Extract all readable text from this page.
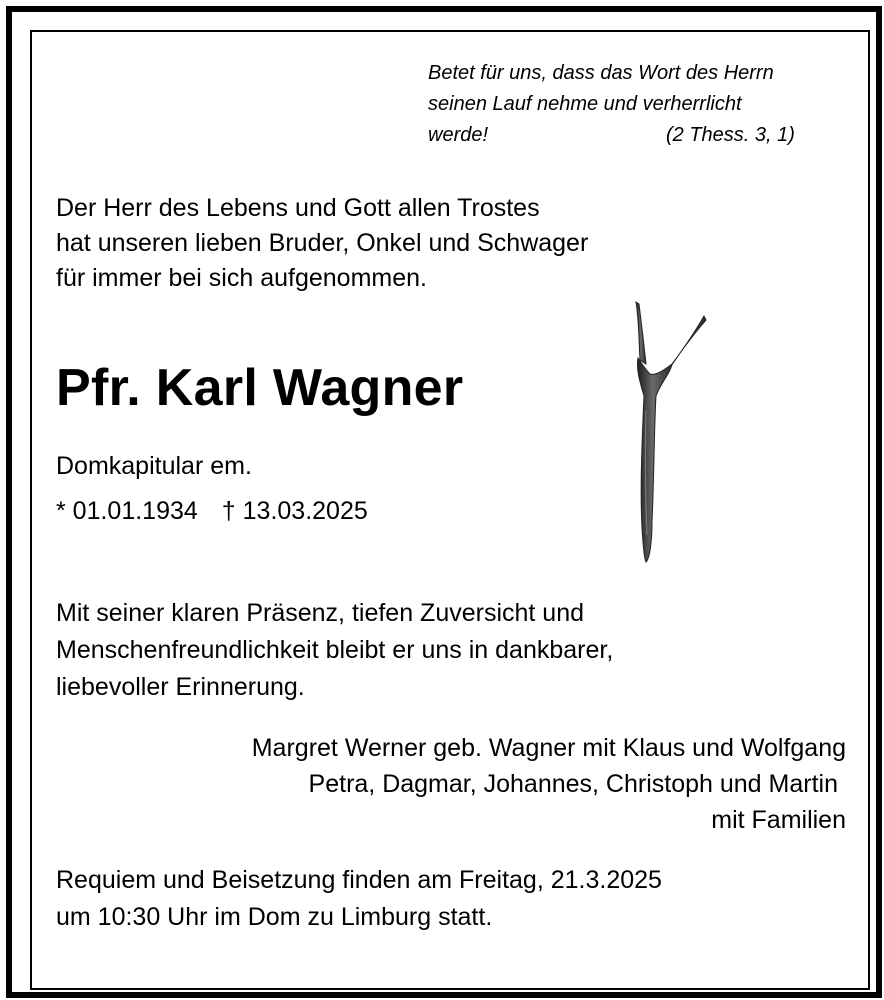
Betet für uns, dass das Wort des Herrn
seinen Lauf nehme und verherrlicht
werde!	(2 Thess. 3, 1)
Der Herr des Lebens und Gott allen Trostes
hat unseren lieben Bruder, Onkel und Schwager
für immer bei sich aufgenommen.
Pfr. Karl Wagner
Domkapitular em.
* 01.01.1934 † 13.03.2025
Mit seiner klaren Präsenz, tiefen Zuversicht und
Menschenfreundlichkeit bleibt er uns in dankbarer,
liebevoller Erinnerung.
Margret Werner geb. Wagner mit Klaus und Wolfgang
Petra, Dagmar, Johannes, Christoph und Martin
mit Familien
Requiem und Beisetzung finden am Freitag, 21.3.2025
um 10:30 Uhr im Dom zu Limburg statt.
